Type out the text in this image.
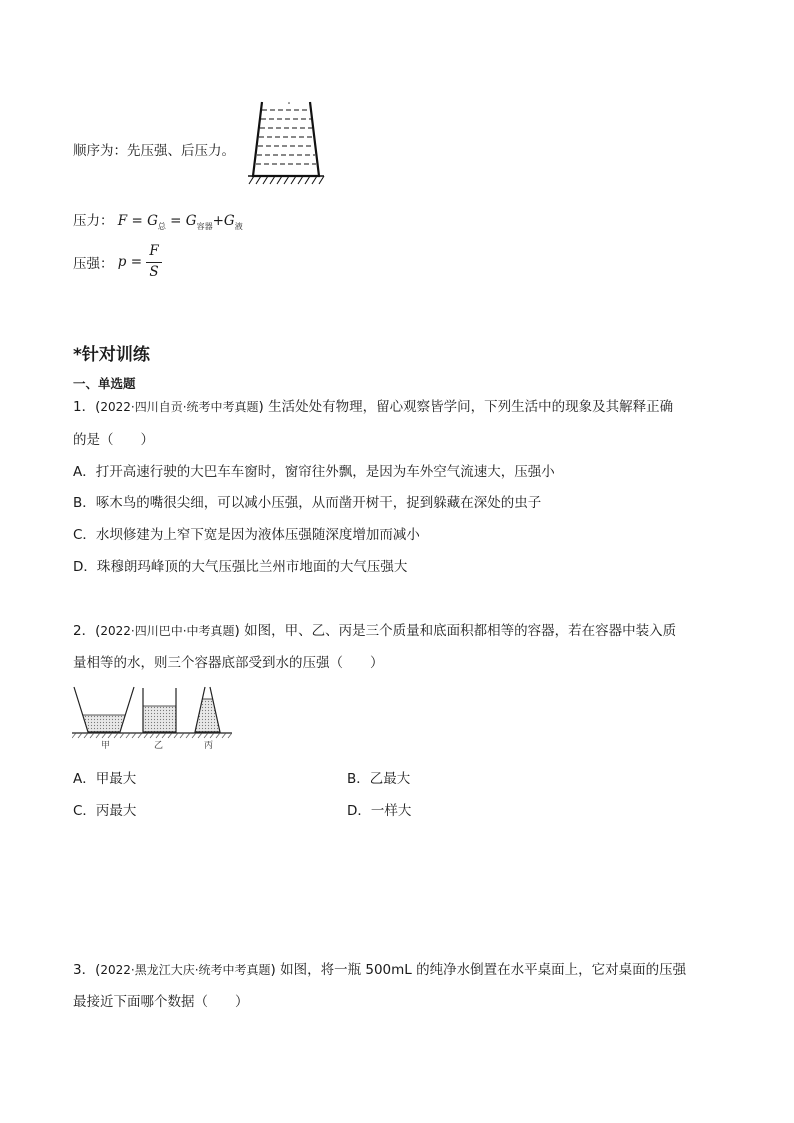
顺序为：先压强、后压力。
压力： $F = G_总 = G_{容器}+G_液$
压强： $p = \frac{F}{S}$
*针对训练
一、单选题
1．(2022·四川自贡·统考中考真题) 生活处处有物理，留心观察皆学问，下列生活中的现象及其解释正确
的是（　　）
A．打开高速行驶的大巴车车窗时，窗帘往外飘，是因为车外空气流速大，压强小
B．啄木鸟的嘴很尖细，可以减小压强，从而凿开树干，捉到躲藏在深处的虫子
C．水坝修建为上窄下宽是因为液体压强随深度增加而减小
D．珠穆朗玛峰顶的大气压强比兰州市地面的大气压强大
2．(2022·四川巴中·中考真题) 如图，甲、乙、丙是三个质量和底面积都相等的容器，若在容器中装入质
量相等的水，则三个容器底部受到水的压强（　　）
甲	乙	丙
A．甲最大	B．乙最大
C．丙最大	D．一样大
3．(2022·黑龙江大庆·统考中考真题) 如图，将一瓶 500mL 的纯净水倒置在水平桌面上，它对桌面的压强
最接近下面哪个数据（　　）
